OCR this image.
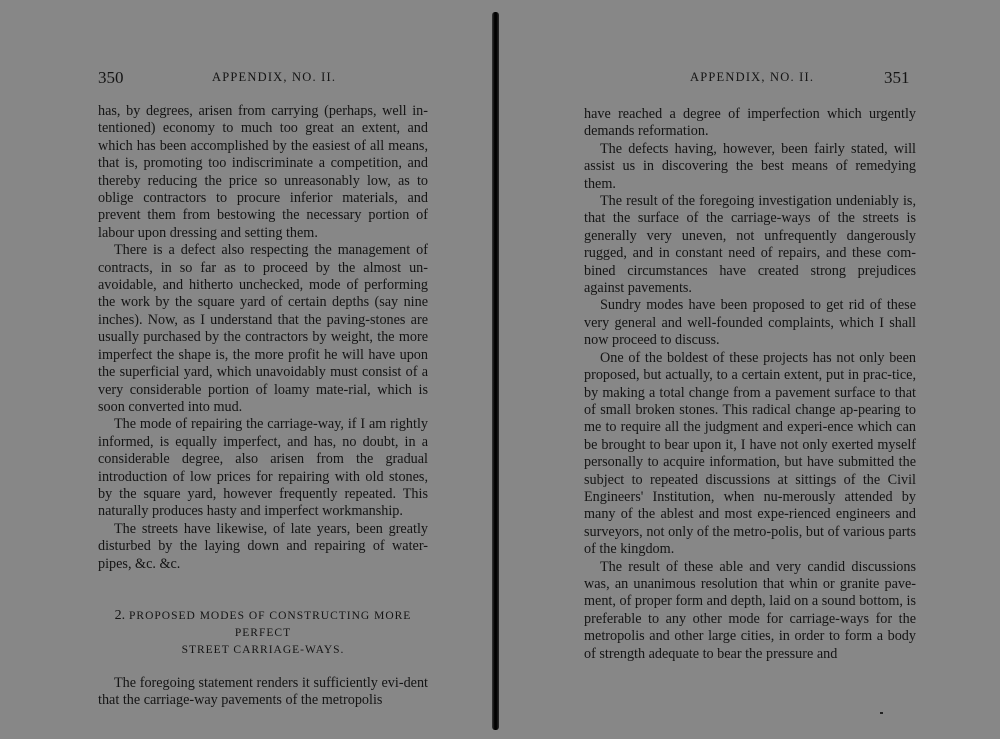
350	APPENDIX, NO. II.

has, by degrees, arisen from carrying (perhaps, well in-tentioned) economy to much too great an extent, and which has been accomplished by the easiest of all means, that is, promoting too indiscriminate a competition, and thereby reducing the price so unreasonably low, as to oblige contractors to procure inferior materials, and prevent them from bestowing the necessary portion of labour upon dressing and setting them.

There is a defect also respecting the management of contracts, in so far as to proceed by the almost un-avoidable, and hitherto unchecked, mode of performing the work by the square yard of certain depths (say nine inches). Now, as I understand that the paving-stones are usually purchased by the contractors by weight, the more imperfect the shape is, the more profit he will have upon the superficial yard, which unavoidably must consist of a very considerable portion of loamy mate-rial, which is soon converted into mud.

The mode of repairing the carriage-way, if I am rightly informed, is equally imperfect, and has, no doubt, in a considerable degree, also arisen from the gradual introduction of low prices for repairing with old stones, by the square yard, however frequently repeated. This naturally produces hasty and imperfect workmanship.

The streets have likewise, of late years, been greatly disturbed by the laying down and repairing of water-pipes, &c. &c.

2. PROPOSED MODES OF CONSTRUCTING MORE PERFECT
STREET CARRIAGE-WAYS.

The foregoing statement renders it sufficiently evi-dent that the carriage-way pavements of the metropolis

APPENDIX, NO. II.	351

have reached a degree of imperfection which urgently demands reformation.

The defects having, however, been fairly stated, will assist us in discovering the best means of remedying them.

The result of the foregoing investigation undeniably is, that the surface of the carriage-ways of the streets is generally very uneven, not unfrequently dangerously rugged, and in constant need of repairs, and these com-bined circumstances have created strong prejudices against pavements.

Sundry modes have been proposed to get rid of these very general and well-founded complaints, which I shall now proceed to discuss.

One of the boldest of these projects has not only been proposed, but actually, to a certain extent, put in prac-tice, by making a total change from a pavement surface to that of small broken stones. This radical change ap-pearing to me to require all the judgment and experi-ence which can be brought to bear upon it, I have not only exerted myself personally to acquire information, but have submitted the subject to repeated discussions at sittings of the Civil Engineers' Institution, when nu-merously attended by many of the ablest and most expe-rienced engineers and surveyors, not only of the metro-polis, but of various parts of the kingdom.

The result of these able and very candid discussions was, an unanimous resolution that whin or granite pave-ment, of proper form and depth, laid on a sound bottom, is preferable to any other mode for carriage-ways for the metropolis and other large cities, in order to form a body of strength adequate to bear the pressure and
